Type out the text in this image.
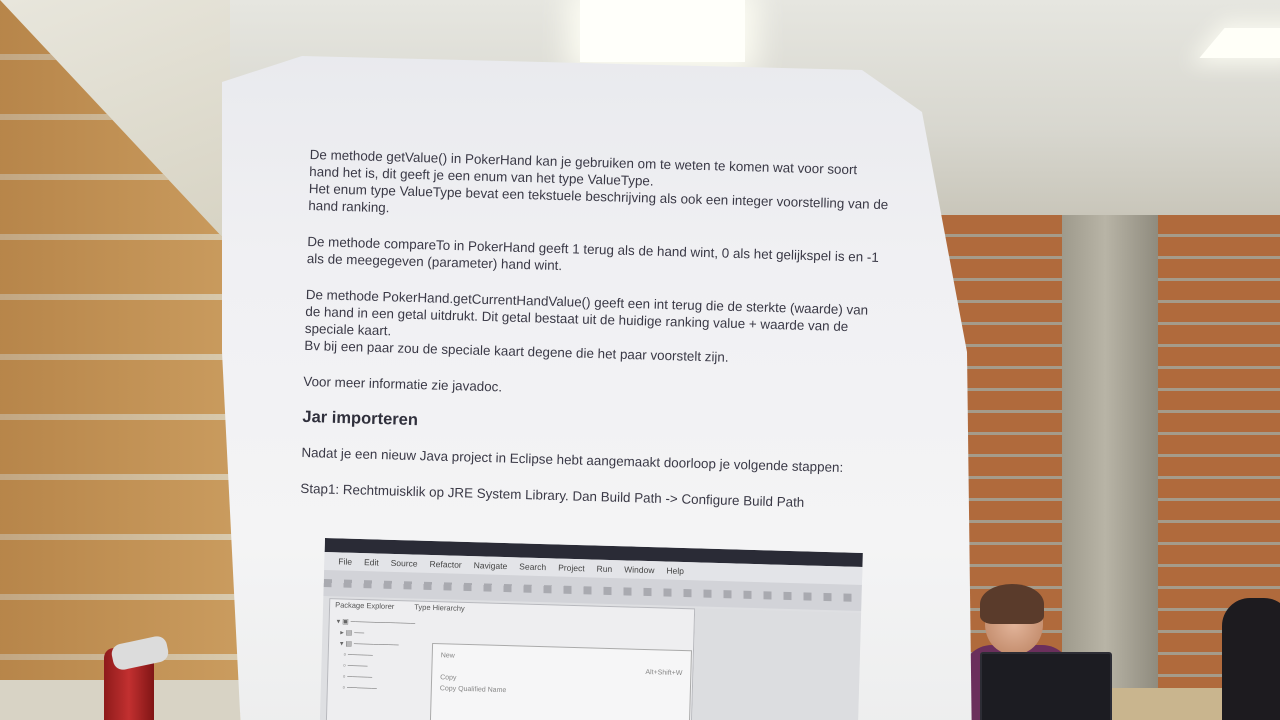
De methode getValue() in PokerHand kan je gebruiken om te weten te komen wat voor soort hand het is, dit geeft je een enum van het type ValueType.
Het enum type ValueType bevat een tekstuele beschrijving als ook een integer voorstelling van de hand ranking.

De methode compareTo in PokerHand geeft 1 terug als de hand wint, 0 als het gelijkspel is en -1 als de meegegeven (parameter) hand wint.

De methode PokerHand.getCurrentHandValue() geeft een int terug die de sterkte (waarde) van de hand in een getal uitdrukt. Dit getal bestaat uit de huidige ranking value + waarde van de speciale kaart.
Bv bij een paar zou de speciale kaart degene die het paar voorstelt zijn.

Voor meer informatie zie javadoc.

Jar importeren

Nadat je een nieuw Java project in Eclipse hebt aangemaakt doorloop je volgende stappen:

Stap1: Rechtmuisklik op JRE System Library. Dan Build Path -> Configure Build Path

File Edit Source Refactor Navigate Search Project Run Window Help
Package Explorer	Type Hierarchy
▾ ▣ ─────────────
▸ ▤ ──
▾ ▤ ─────────
▫ ─────
▫ ────
▫ ─────
▫ ──────
New
Alt+Shift+W
Copy
Copy Qualified Name
